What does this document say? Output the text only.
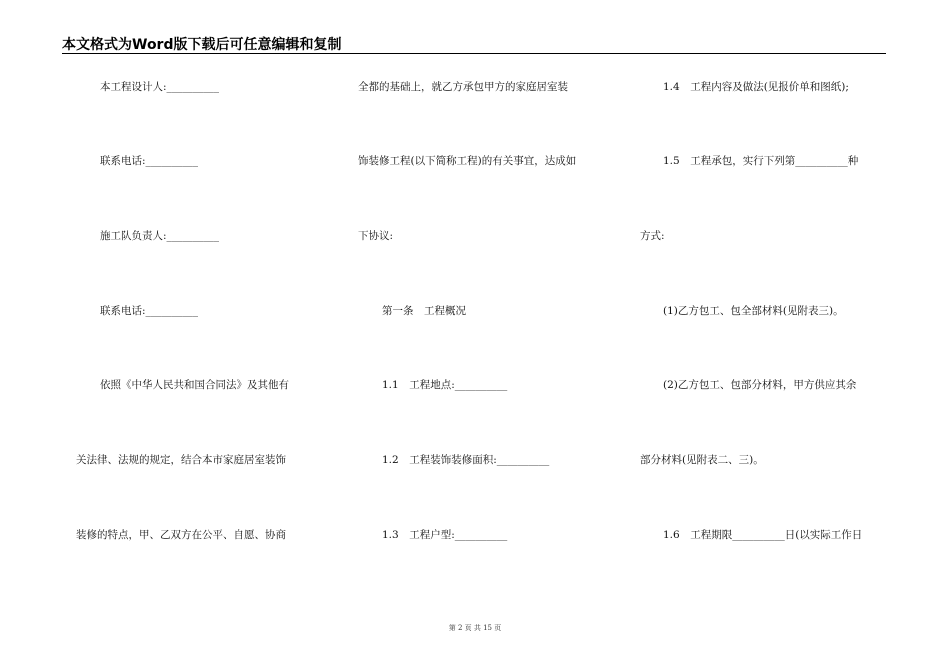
本文格式为Word版下载后可任意编辑和复制
本工程设计人:__________
联系电话:__________
施工队负责人:__________
联系电话:__________
依照《中华人民共和国合同法》及其他有
关法律、法规的规定，结合本市家庭居室装饰
装修的特点，甲、乙双方在公平、自愿、协商
全都的基础上，就乙方承包甲方的家庭居室装
饰装修工程(以下简称工程)的有关事宜，达成如
下协议:
第一条　工程概况
1.1　工程地点:__________
1.2　工程装饰装修面积:__________
1.3　工程户型:__________
1.4　工程内容及做法(见报价单和图纸);
1.5　工程承包，实行下列第__________种
方式:
(1)乙方包工、包全部材料(见附表三)。
(2)乙方包工、包部分材料，甲方供应其余
部分材料(见附表二、三)。
1.6　工程期限__________日(以实际工作日
第 2 页 共 15 页
